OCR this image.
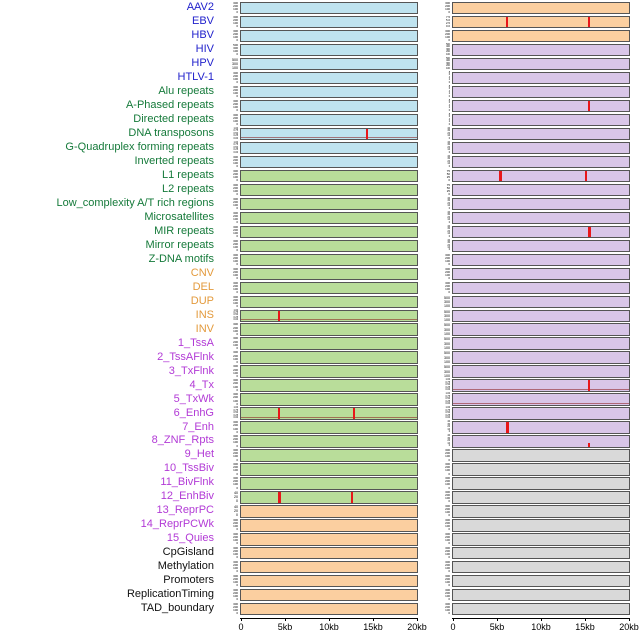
AAV2
EBV
HBV
HIV
HPV
HTLV-1
Alu repeats
A-Phased repeats
Directed repeats
DNA transposons
G-Quadruplex forming repeats
Inverted repeats
L1 repeats
L2 repeats
Low_complexity A/T rich regions
Microsatellites
MIR repeats
Mirror repeats
Z-DNA motifs
CNV
DEL
DUP
INS
INV
1_TssA
2_TssAFlnk
3_TxFlnk
4_Tx
5_TxWk
6_EnhG
7_Enh
8_ZNF_Rpts
9_Het
10_TssBiv
11_BivFlnk
12_EnhBiv
13_ReprPC
14_ReprPCWk
15_Quies
CpGisland
Methylation
Promoters
ReplicationTiming
TAD_boundary
300
200
100
0
300
200
100
0
300
200
100
0
7.5
5.0
2.5
0.0
300
200
100
0
300
200
100
0
500
300
100
0
500
400
300
200
100
500
300
100
500
400
300
200
100
300
200
100
0
8
6
4
2
0
300
200
100
0
8
6
4
2
0
300
200
100
0
8
6
4
2
0
300
200
100
0
8
6
4
2
0
1.00
0.75
0.50
0.25
0.00
40
30
20
10
0
1.00
0.75
0.50
0.25
0.00
40
30
20
10
0
300
200
100
0
40
30
20
10
0
300
200
100
0
75
50
25
0
300
200
100
0
75
50
25
0
300
200
100
0
40
30
20
10
0
300
200
100
0
40
30
20
10
0
300
200
100
0
40
30
20
10
0
300
200
100
0
40
30
20
10
0
300
200
100
0
300
200
100
0
300
200
100
0
300
200
100
0
300
200
100
0
300
200
100
0
300
200
100
0
500
300
100
1.00
0.75
0.50
0.25
0.00
500
300
100
300
200
100
0
500
300
100
300
200
100
0
500
300
100
300
200
100
0
500
300
100
300
200
100
0
500
300
100
300
200
100
0
1.00
0.75
0.50
0.25
0.00
300
200
100
0
1.00
0.75
0.50
0.25
0.00
1.00
0.75
0.50
0.25
0.00
1.00
0.75
0.50
0.25
0.00
300
200
100
0
40
30
20
10
0
300
200
100
0
40
30
20
10
0
300
200
100
0
300
200
100
0
300
200
100
0
300
200
100
0
300
200
100
0
300
200
100
0
40
20
0
300
200
100
0
40
20
0
300
200
100
0
300
200
100
0
300
200
100
0
300
200
100
0
300
200
100
0
300
200
100
0
300
200
100
0
300
200
100
0
300
200
100
0
300
200
100
0
300
200
100
0
300
200
100
0
300
200
100
0
300
200
100
0
300
200
100
0
0	5kb	10kb	15kb	20kb	0	5kb	10kb	15kb	20kb
